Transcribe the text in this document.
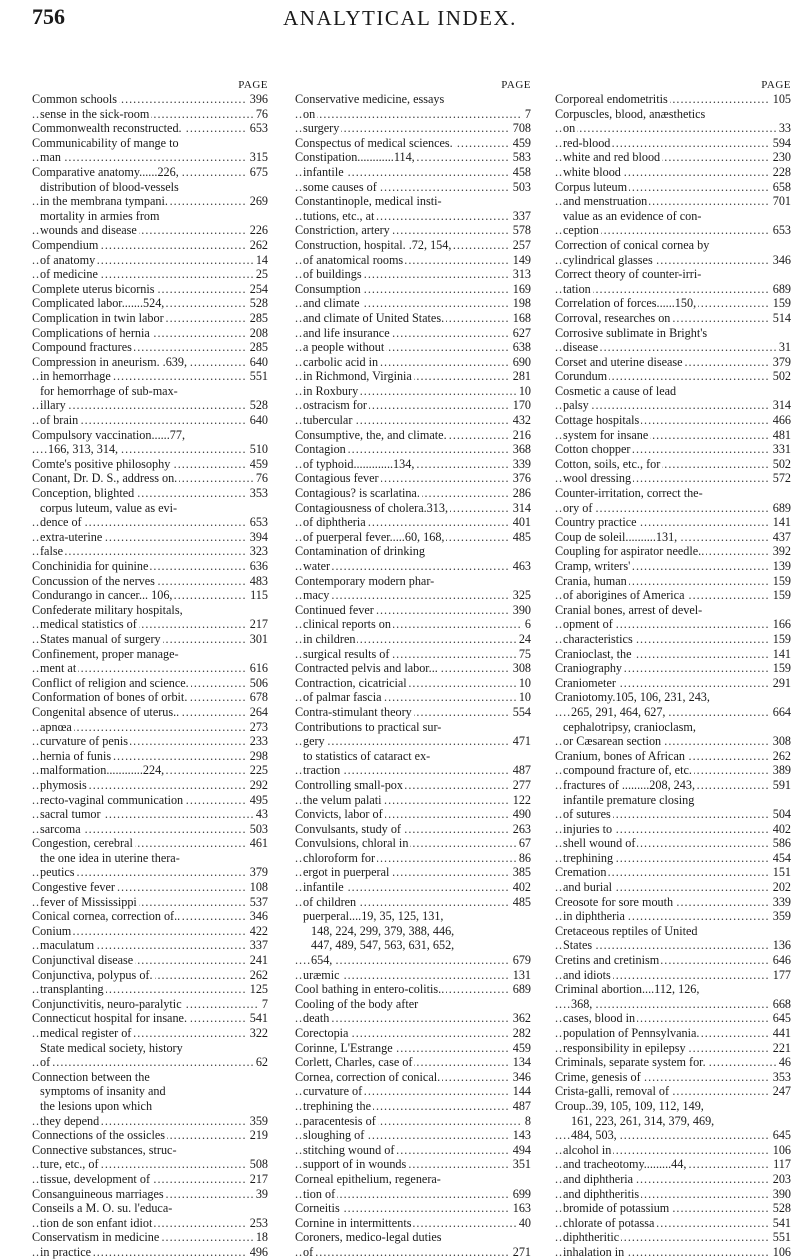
756	ANALYTICAL INDEX.
PAGE
..... Common schools	396
..... sense in the sick-room	76
..... Commonwealth reconstructed.	653
Communicability of mange to
..... man	315
..... Comparative anatomy......226,	675
distribution of blood-vessels
..... in the membrana tympani.	269
mortality in armies from
..... wounds and disease	226
..... Compendium	262
..... of anatomy	14
..... of medicine	25
..... Complete uterus bicornis	254
..... Complicated labor.......524,	528
..... Complication in twin labor	285
..... Complications of hernia	208
..... Compound fractures	285
..... Compression in aneurism. .639,	640
..... in hemorrhage	551
for hemorrhage of sub-max-
..... illary	528
..... of brain	640
Compulsory vaccination......77,
..... 166, 313, 314,	510
..... Comte's positive philosophy	459
..... Conant, Dr. D. S., address on.	76
..... Conception, blighted	353
corpus luteum, value as evi-
..... dence of	653
..... extra-uterine	394
..... false	323
..... Conchinidia for quinine	636
..... Concussion of the nerves	483
..... Condurango in cancer... 106,	115
Confederate military hospitals,
..... medical statistics of	217
..... States manual of surgery	301
Confinement, proper manage-
..... ment at	616
..... Conflict of religion and science.	506
..... Conformation of bones of orbit.	678
..... Congenital absence of uterus..	264
..... apnœa	273
..... curvature of penis	233
..... hernia of funis	298
..... malformation............224,	225
..... phymosis	292
..... recto-vaginal communication	495
..... sacral tumor	43
..... sarcoma	503
..... Congestion, cerebral	461
the one idea in uterine thera-
..... peutics	379
..... Congestive fever	108
..... fever of Mississippi	537
..... Conical cornea, correction of..	346
..... Conium	422
..... maculatum	337
..... Conjunctival disease	241
..... Conjunctiva, polypus of.	262
..... transplanting	125
..... Conjunctivitis, neuro-paralytic	7
..... Connecticut hospital for insane.	541
..... medical register of	322
State medical society, history
..... of	62
Connection between the
symptoms of insanity and
the lesions upon which
..... they depend	359
..... Connections of the ossicles	219
Connective substances, struc-
..... ture, etc., of	508
..... tissue, development of	217
..... Consanguineous marriages	39
Conseils a M. O. su. l'educa-
..... tion de son enfant idiot	253
..... Conservatism in medicine	18
..... in practice	496
PAGE
Conservative medicine, essays
..... on	7
..... surgery	708
..... Conspectus of medical sciences.	459
..... Constipation............114,	583
..... infantile	458
..... some causes of	503
Constantinople, medical insti-
..... tutions, etc., at	337
..... Constriction, artery	578
..... Construction, hospital. .72, 154,	257
..... of anatomical rooms	149
..... of buildings	313
..... Consumption	169
..... and climate	198
..... and climate of United States.	168
..... and life insurance	627
..... a people without	638
..... carbolic acid in	690
..... in Richmond, Virginia	281
..... in Roxbury	10
..... ostracism for	170
..... tubercular	432
..... Consumptive, the, and climate.	216
..... Contagion	368
..... of typhoid.............134,	339
..... Contagious fever	376
..... Contagious? is scarlatina.	286
..... Contagiousness of cholera.313,	314
..... of diphtheria	401
..... of puerperal fever.....60, 168,	485
Contamination of drinking
..... water	463
Contemporary modern phar-
..... macy	325
..... Continued fever	390
..... clinical reports on	6
..... in children	24
..... surgical results of	75
..... Contracted pelvis and labor...	308
..... Contraction, cicatricial	10
..... of palmar fascia	10
..... Contra-stimulant theory	554
Contributions to practical sur-
..... gery	471
to statistics of cataract ex-
..... traction	487
..... Controlling small-pox	277
..... the velum palati	122
..... Convicts, labor of	490
..... Convulsants, study of	263
..... Convulsions, chloral in	67
..... chloroform for	86
..... ergot in puerperal	385
..... infantile	402
..... of children	485
puerperal....19, 35, 125, 131,
148, 224, 299, 379, 388, 446,
447, 489, 547, 563, 631, 652,
..... 654,	679
..... uræmic	131
..... Cool bathing in entero-colitis..	689
Cooling of the body after
..... death	362
..... Corectopia	282
..... Corinne, L'Estrange	459
..... Corlett, Charles, case of	134
..... Cornea, correction of conical.	346
..... curvature of	144
..... trephining the	487
..... paracentesis of	8
..... sloughing of	143
..... stitching wound of	494
..... support of in wounds	351
Corneal epithelium, regenera-
..... tion of	699
..... Corneitis	163
..... Cornine in intermittents	40
Coroners, medico-legal duties
..... of	271
PAGE
..... Corporeal endometritis	105
Corpuscles, blood, anæsthetics
..... on	33
..... red-blood	594
..... white and red blood	230
..... white blood	228
..... Corpus luteum	658
..... and menstruation	701
value as an evidence of con-
..... ception	653
Correction of conical cornea by
..... cylindrical glasses	346
Correct theory of counter-irri-
..... tation	689
..... Correlation of forces......150,	159
..... Corroval, researches on	514
Corrosive sublimate in Bright's
..... disease	31
..... Corset and uterine disease	379
..... Corundum	502
Cosmetic a cause of lead
..... palsy	314
..... Cottage hospitals	466
..... system for insane	481
..... Cotton chopper	331
..... Cotton, soils, etc., for	502
..... wool dressing	572
Counter-irritation, correct the-
..... ory of	689
..... Country practice	141
..... Coup de soleil..........131,	437
..... Coupling for aspirator needle..	392
..... Cramp, writers'	139
..... Crania, human	159
..... of aborigines of America	159
Cranial bones, arrest of devel-
..... opment of	166
..... characteristics	159
..... Cranioclast, the	141
..... Craniography	159
..... Craniometer	291
Craniotomy.105, 106, 231, 243,
..... 265, 291, 464, 627,	664
cephalotripsy, cranioclasm,
..... or Cæsarean section	308
..... Cranium, bones of African	262
..... compound fracture of, etc.	389
..... fractures of .........208, 243,	591
infantile premature closing
..... of sutures	504
..... injuries to	402
..... shell wound of	586
..... trephining	454
..... Cremation	151
..... and burial	202
..... Creosote for sore mouth	339
..... in diphtheria	359
Cretaceous reptiles of United
..... States	136
..... Cretins and cretinism	646
..... and idiots	177
Criminal abortion....112, 126,
..... 368,	668
..... cases, blood in	645
..... population of Pennsylvania.	441
..... responsibility in epilepsy	221
..... Criminals, separate system for.	46
..... Crime, genesis of	353
..... Crista-galli, removal of	247
Croup..39, 105, 109, 112, 149,
161, 223, 261, 314, 379, 469,
..... 484, 503,	645
..... alcohol in	106
..... and tracheotomy.........44,	117
..... and diphtheria	203
..... and diphtheritis	390
..... bromide of potassium	528
..... chlorate of potassa	541
..... diphtheritic	551
..... inhalation in	106
